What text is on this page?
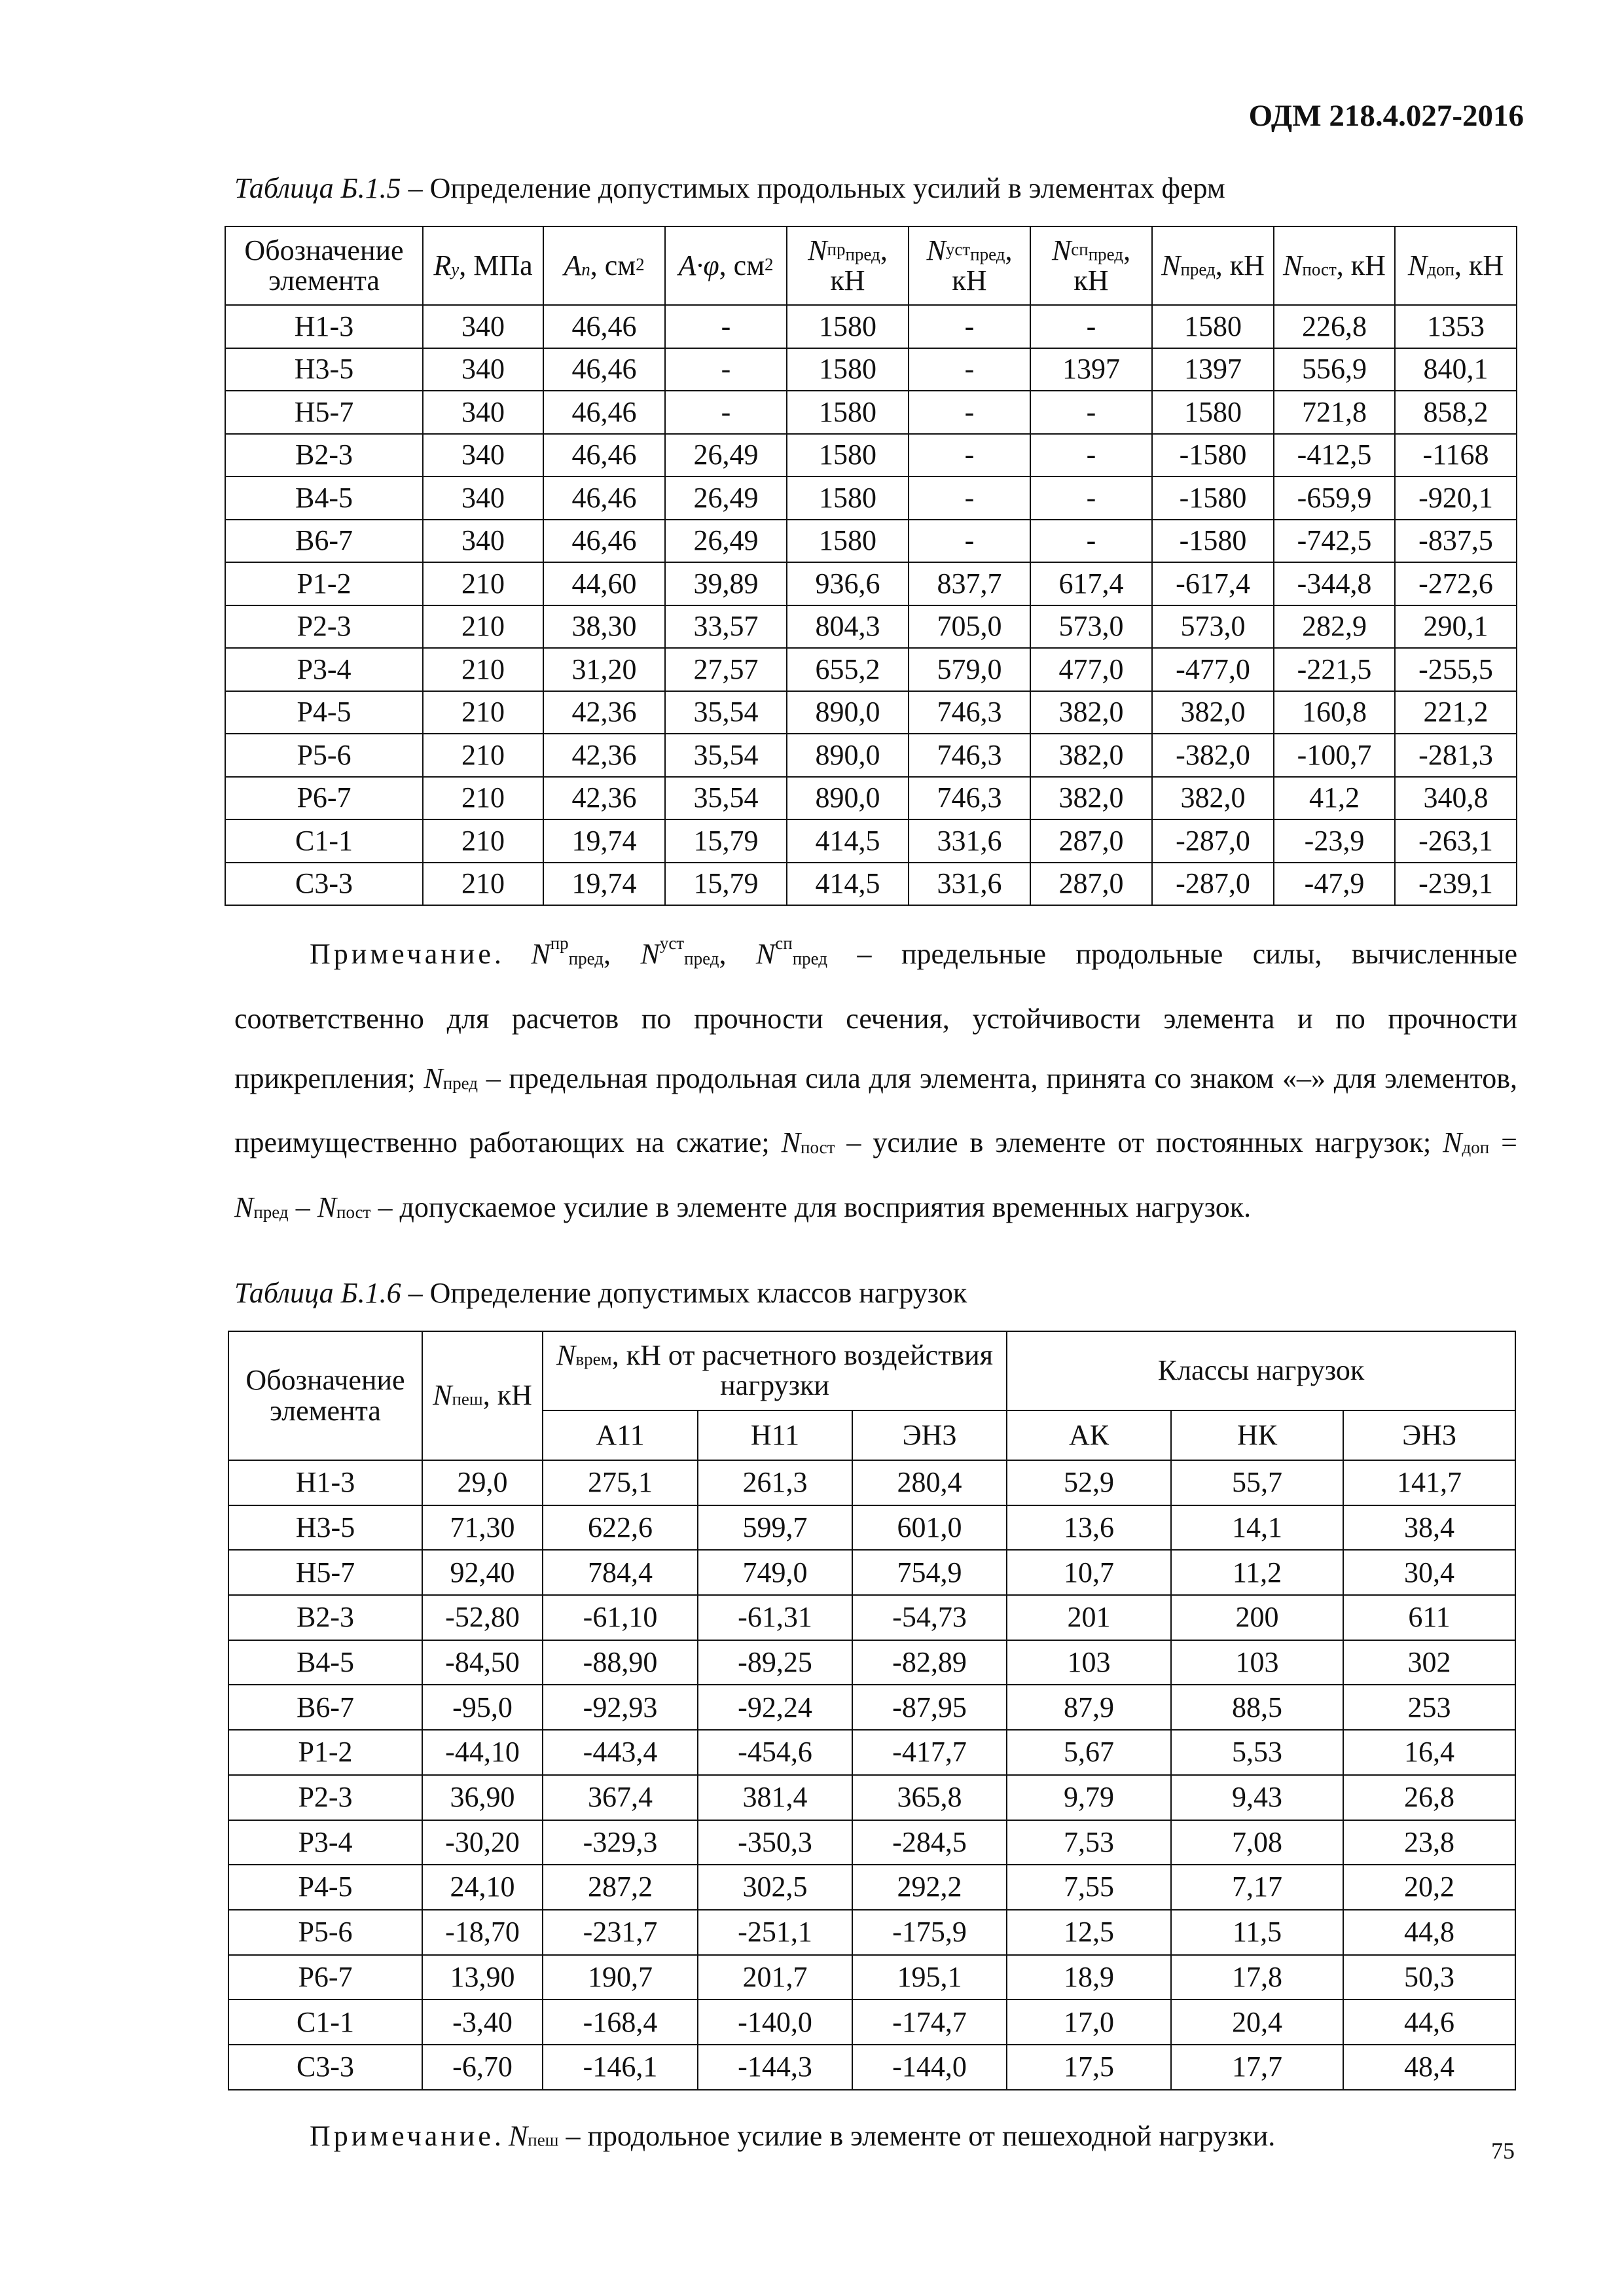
ОДМ 218.4.027-2016
Таблица Б.1.5 – Определение допустимых продольных усилий в элементах ферм
Обозначение элемента	$R_y$, МПа	$A_n$, $см^2$	A·φ, $см^2$	$N^{пр}_{пред}$, кН	$N^{уст}_{пред}$, кН	$N^{сп}_{пред}$, кН	$N_{пред}$, кН	$N_{пост}$, кН	$N_{доп}$, кН
Н1-3	340	46,46	-	1580	-	-	1580	226,8	1353
Н3-5	340	46,46	-	1580	-	1397	1397	556,9	840,1
Н5-7	340	46,46	-	1580	-	-	1580	721,8	858,2
В2-3	340	46,46	26,49	1580	-	-	-1580	-412,5	-1168
В4-5	340	46,46	26,49	1580	-	-	-1580	-659,9	-920,1
В6-7	340	46,46	26,49	1580	-	-	-1580	-742,5	-837,5
Р1-2	210	44,60	39,89	936,6	837,7	617,4	-617,4	-344,8	-272,6
Р2-3	210	38,30	33,57	804,3	705,0	573,0	573,0	282,9	290,1
Р3-4	210	31,20	27,57	655,2	579,0	477,0	-477,0	-221,5	-255,5
Р4-5	210	42,36	35,54	890,0	746,3	382,0	382,0	160,8	221,2
Р5-6	210	42,36	35,54	890,0	746,3	382,0	-382,0	-100,7	-281,3
Р6-7	210	42,36	35,54	890,0	746,3	382,0	382,0	41,2	340,8
С1-1	210	19,74	15,79	414,5	331,6	287,0	-287,0	-23,9	-263,1
С3-3	210	19,74	15,79	414,5	331,6	287,0	-287,0	-47,9	-239,1
Примечание. $N^{пр}_{пред}$, $N^{уст}_{пред}$, $N^{сп}_{пред}$ – предельные продольные силы, вычисленные соответственно для расчетов по прочности сечения, устойчивости элемента и по прочности прикрепления; $N_{пред}$ – предельная продольная сила для элемента, принята со знаком «–» для элементов, преимущественно работающих на сжатие; $N_{пост}$ – усилие в элементе от постоянных нагрузок; $N_{доп} = N_{пред} - N_{пост}$ – допускаемое усилие в элементе для восприятия временных нагрузок.
Таблица Б.1.6 – Определение допустимых классов нагрузок
Обозначение элемента	$N_{пеш}$, кН	$N_{врем}$, кН от расчетного воздействия нагрузки			Классы нагрузок		
		А11	Н11	ЭН3	АК	НК	ЭН3
Н1-3	29,0	275,1	261,3	280,4	52,9	55,7	141,7
Н3-5	71,30	622,6	599,7	601,0	13,6	14,1	38,4
Н5-7	92,40	784,4	749,0	754,9	10,7	11,2	30,4
В2-3	-52,80	-61,10	-61,31	-54,73	201	200	611
В4-5	-84,50	-88,90	-89,25	-82,89	103	103	302
В6-7	-95,0	-92,93	-92,24	-87,95	87,9	88,5	253
Р1-2	-44,10	-443,4	-454,6	-417,7	5,67	5,53	16,4
Р2-3	36,90	367,4	381,4	365,8	9,79	9,43	26,8
Р3-4	-30,20	-329,3	-350,3	-284,5	7,53	7,08	23,8
Р4-5	24,10	287,2	302,5	292,2	7,55	7,17	20,2
Р5-6	-18,70	-231,7	-251,1	-175,9	12,5	11,5	44,8
Р6-7	13,90	190,7	201,7	195,1	18,9	17,8	50,3
С1-1	-3,40	-168,4	-140,0	-174,7	17,0	20,4	44,6
С3-3	-6,70	-146,1	-144,3	-144,0	17,5	17,7	48,4
Примечание. $N_{пеш}$ – продольное усилие в элементе от пешеходной нагрузки.	75
